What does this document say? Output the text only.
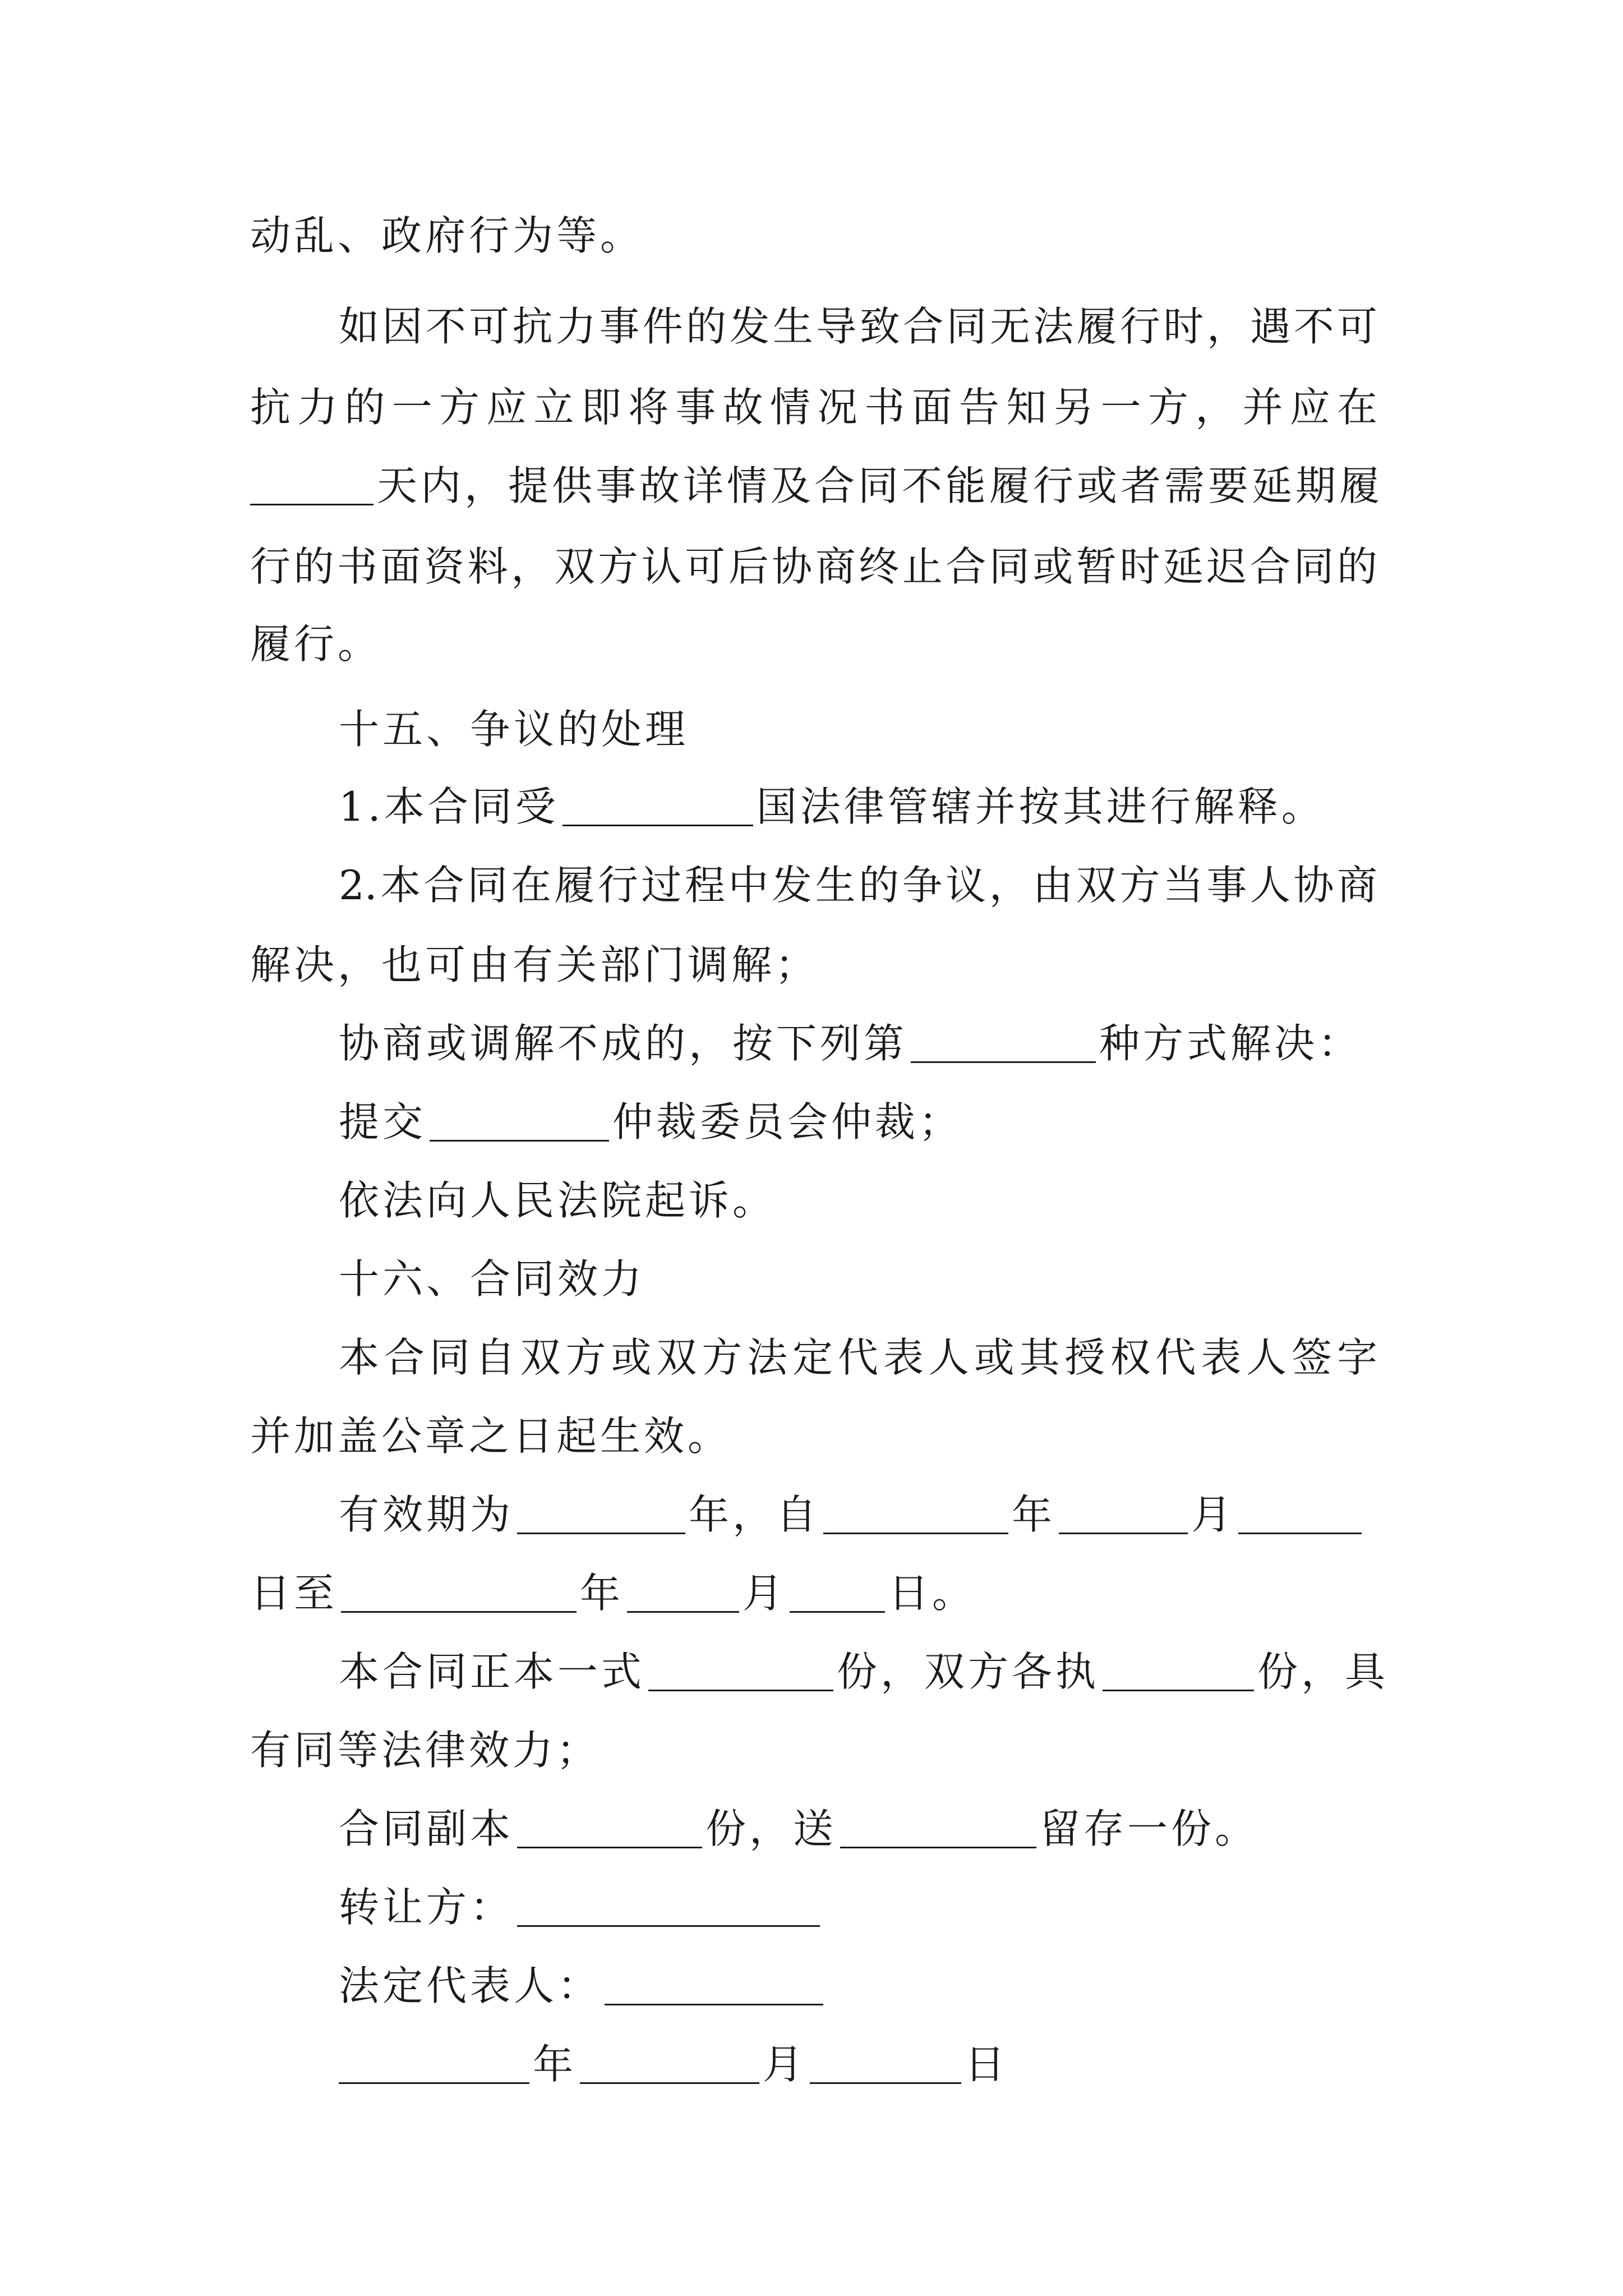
动乱、政府行为等。
如因不可抗力事件的发生导致合同无法履行时，遇不可
抗力的一方应立即将事故情况书面告知另一方，并应在
天内，提供事故详情及合同不能履行或者需要延期履
行的书面资料，双方认可后协商终止合同或暂时延迟合同的
履行。
十五、争议的处理
1.本合同受	国法律管辖并按其进行解释。
2.本合同在履行过程中发生的争议，由双方当事人协商
解决，也可由有关部门调解；
协商或调解不成的，按下列第	种方式解决：
提交	仲裁委员会仲裁；
依法向人民法院起诉。
十六、合同效力
本合同自双方或双方法定代表人或其授权代表人签字
并加盖公章之日起生效。
有效期为	年，自	年	月
日至	年	月	日。
本合同正本一式	份，双方各执	份，具
有同等法律效力；
合同副本	份，送	留存一份。
转让方：
法定代表人：
年	月	日
